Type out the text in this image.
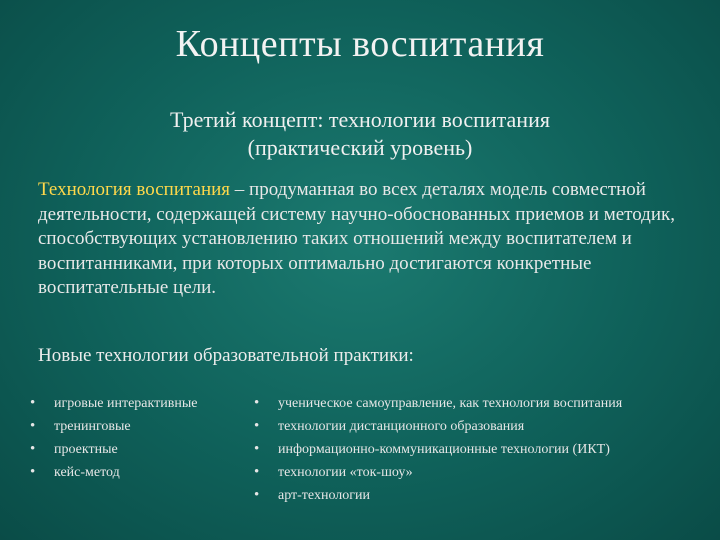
Концепты воспитания
Третий концепт: технологии воспитания
(практический уровень)
Технология воспитания – продуманная во всех деталях модель совместной деятельности, содержащей систему научно-обоснованных приемов и методик, способствующих установлению таких отношений между воспитателем и воспитанниками, при которых оптимально достигаются конкретные воспитательные цели.
Новые технологии образовательной практики:
• игровые интерактивные
• тренинговые
• проектные
• кейс-метод
• ученическое самоуправление, как технология воспитания
• технологии дистанционного образования
• информационно-коммуникационные технологии (ИКТ)
• технологии «ток-шоу»
• арт-технологии
